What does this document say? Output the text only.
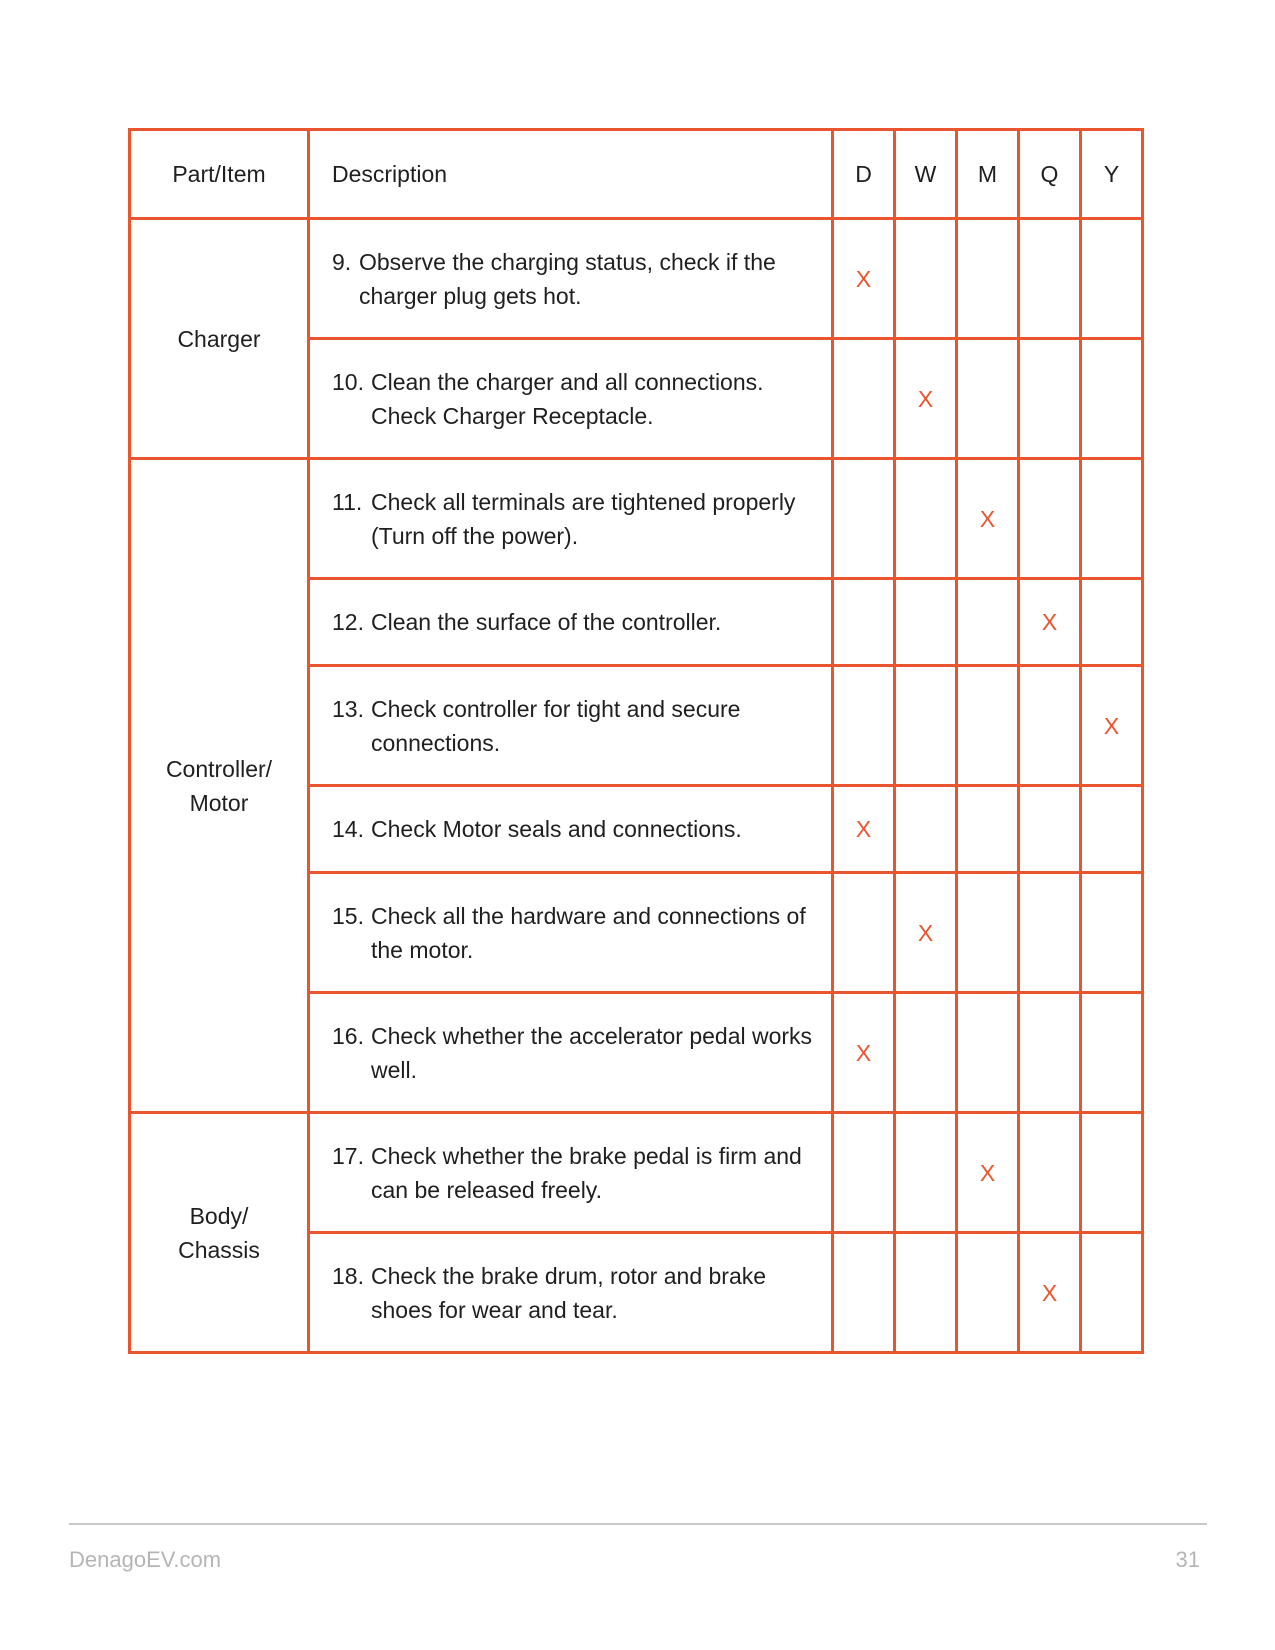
Part/Item	Description	D	W	M	Q	Y

Charger	9. Observe the charging status, check if the charger plug gets hot.	X				

	10. Clean the charger and all connections. Check Charger Receptacle.		X			

Controller/
Motor	11. Check all terminals are tightened properly (Turn off the power).			X		

	12. Clean the surface of the controller.				X	

	13. Check controller for tight and secure connections.					X

	14. Check Motor seals and connections.	X				

	15. Check all the hardware and connections of the motor.		X			

	16. Check whether the accelerator pedal works well.	X				

Body/
Chassis	17. Check whether the brake pedal is firm and can be released freely.			X		

	18. Check the brake drum, rotor and brake shoes for wear and tear.				X	
DenagoEV.com	31
